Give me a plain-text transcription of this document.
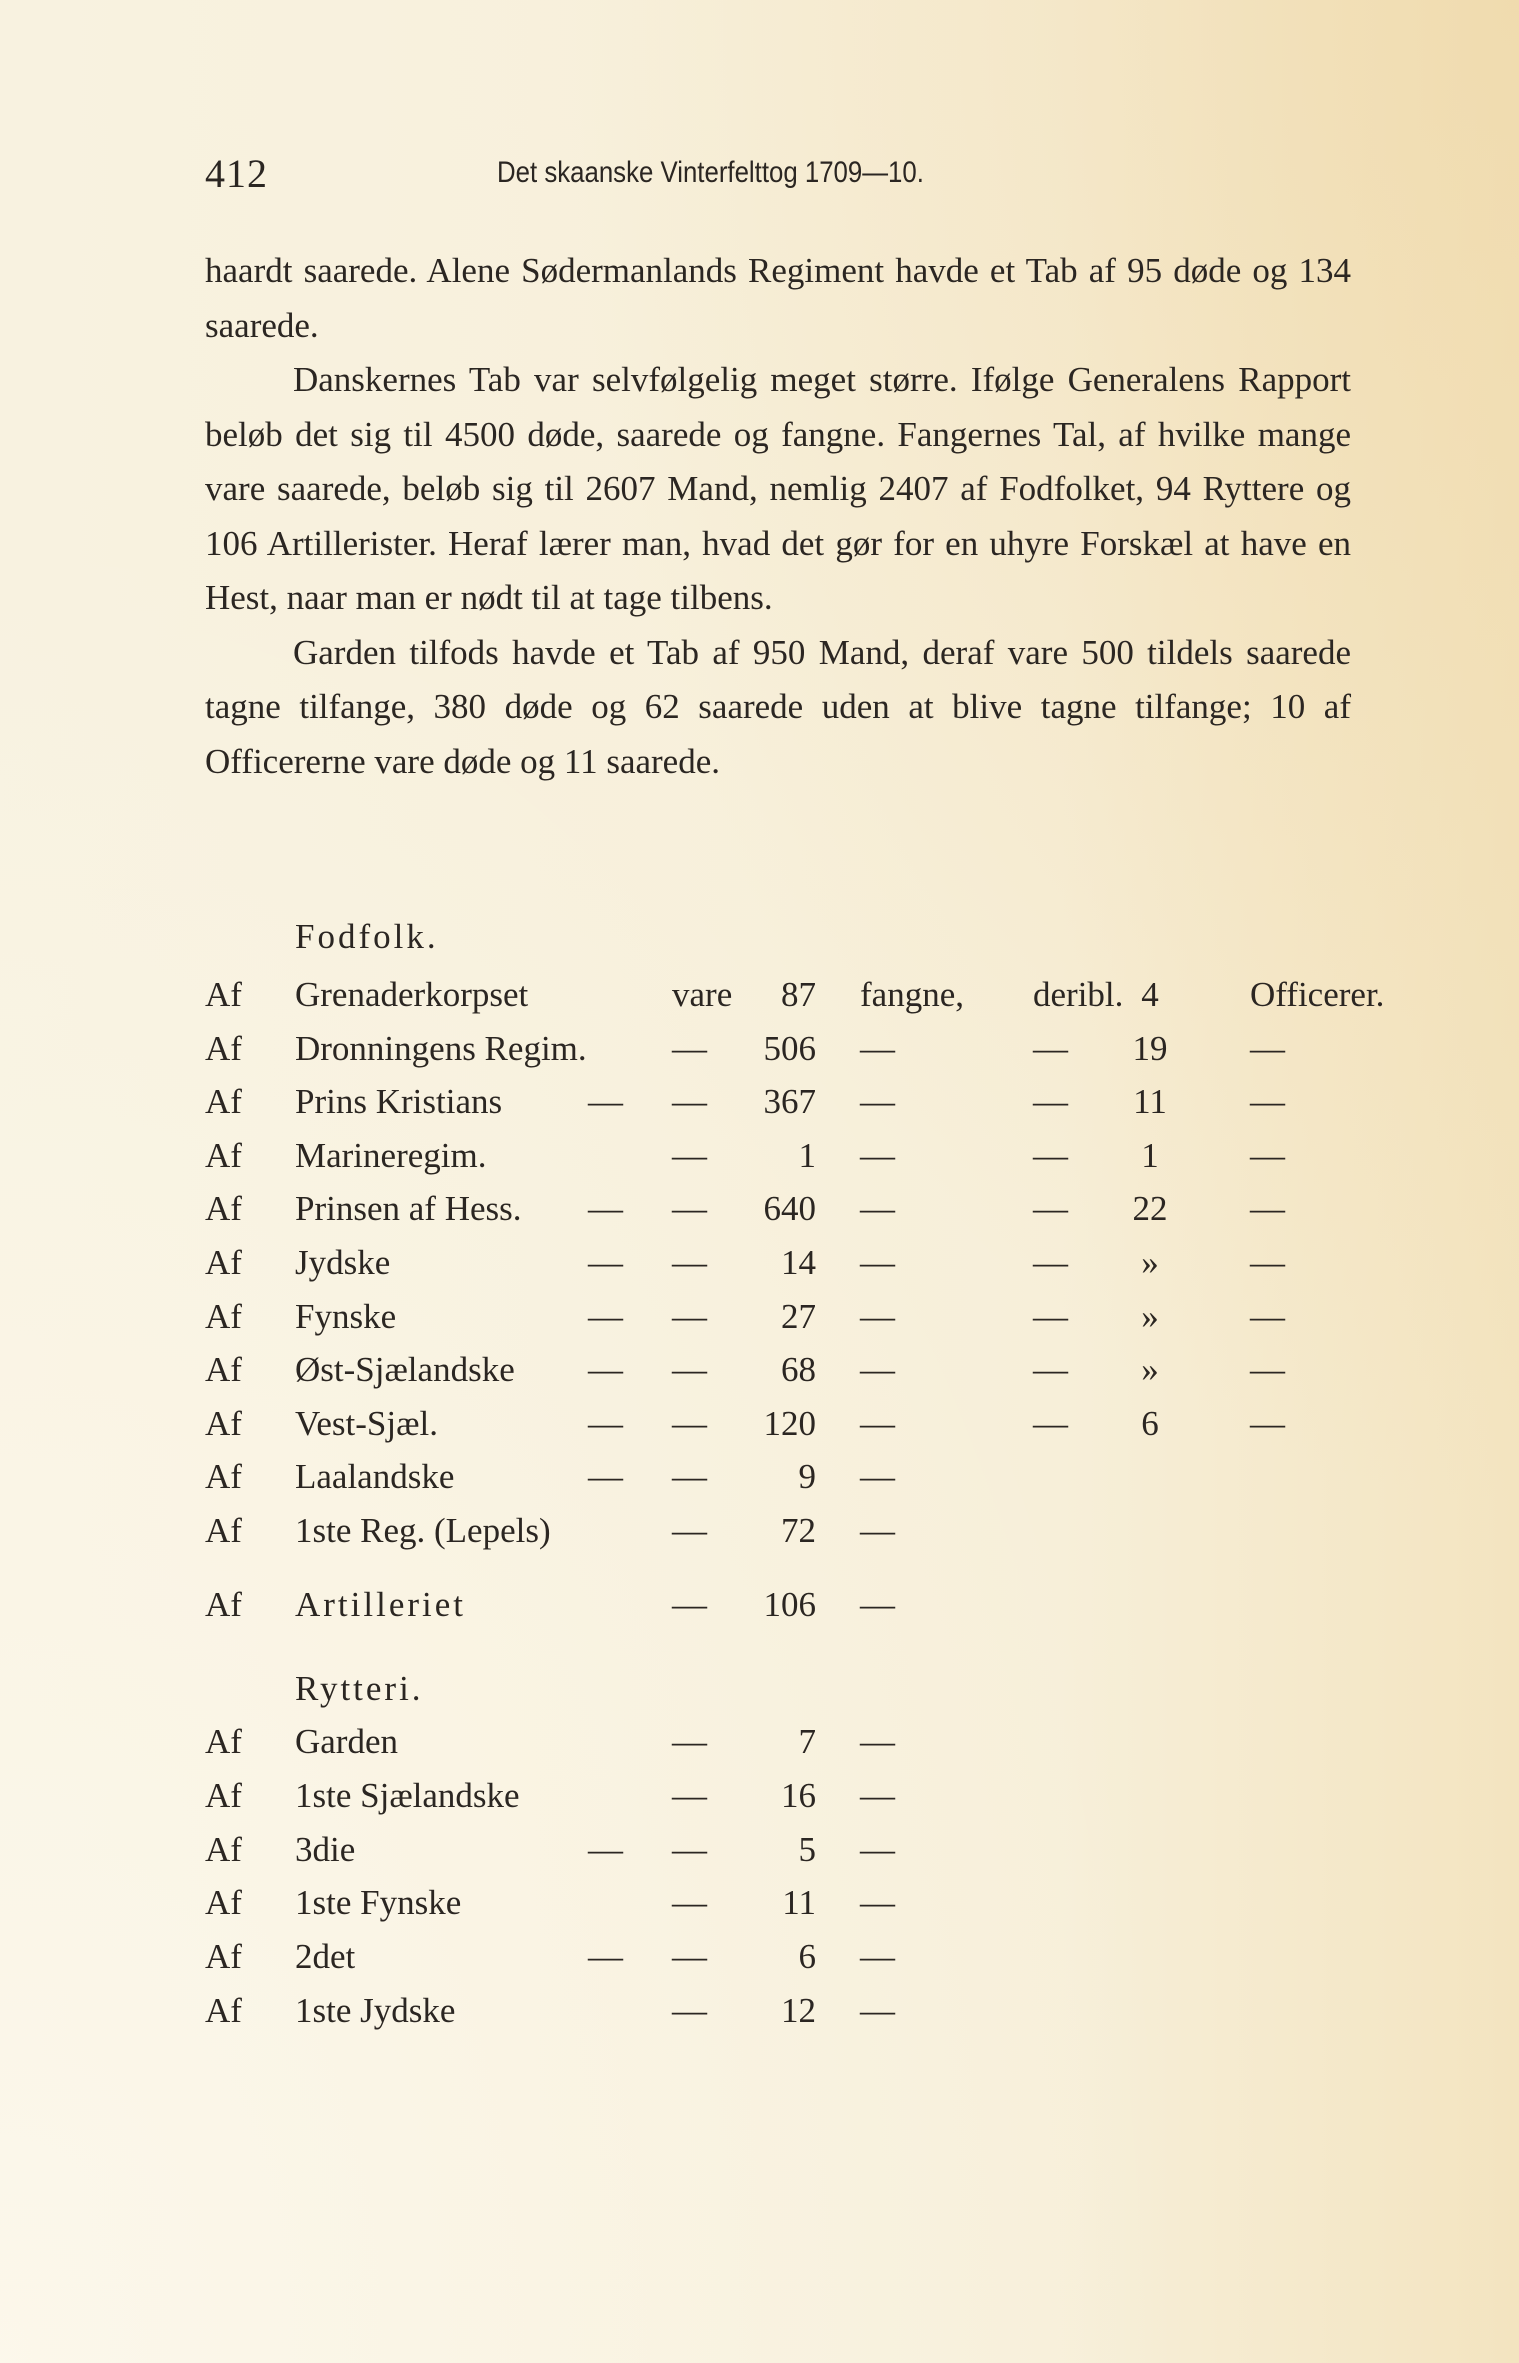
412	Det skaanske Vinterfelttog 1709—10.

haardt saarede. Alene Sødermanlands Regiment havde et Tab af 95 døde og 134 saarede.

Danskernes Tab var selvfølgelig meget større. Ifølge Generalens Rapport beløb det sig til 4500 døde, saarede og fangne. Fangernes Tal, af hvilke mange vare saarede, beløb sig til 2607 Mand, nemlig 2407 af Fodfolket, 94 Ryttere og 106 Artillerister. Heraf lærer man, hvad det gør for en uhyre Forskæl at have en Hest, naar man er nødt til at tage tilbens.

Garden tilfods havde et Tab af 950 Mand, deraf vare 500 tildels saarede tagne tilfange, 380 døde og 62 saarede uden at blive tagne tilfange; 10 af Officererne vare døde og 11 saarede.

Fodfolk.
Af Grenaderkorpset	vare	87 fangne, deribl. 4	Officerer.
Af Dronningens Regim. —	506 —	—	19	—
Af Prins Kristians — —	367 —	—	11	—
Af Marineregim.	—	1 —	—	1	—
Af Prinsen af Hess. — —	640 —	—	22	—
Af Jydske	— —	14 —	—	»	—
Af Fynske	— —	27 —	—	»	—
Af Øst-Sjælandske — —	68 —	—	»	—
Af Vest-Sjæl.	— —	120 —	—	6	—
Af Laalandske	— —	9 —
Af 1ste Reg. (Lepels)	—	72 —
Af Artilleriet	—	106 —
Rytteri.
Af Garden	—	7 —
Af 1ste Sjælandske	—	16 —
Af 3die	— —	5 —
Af 1ste Fynske	—	11 —
Af 2det	— —	6 —
Af 1ste Jydske	—	12 —
